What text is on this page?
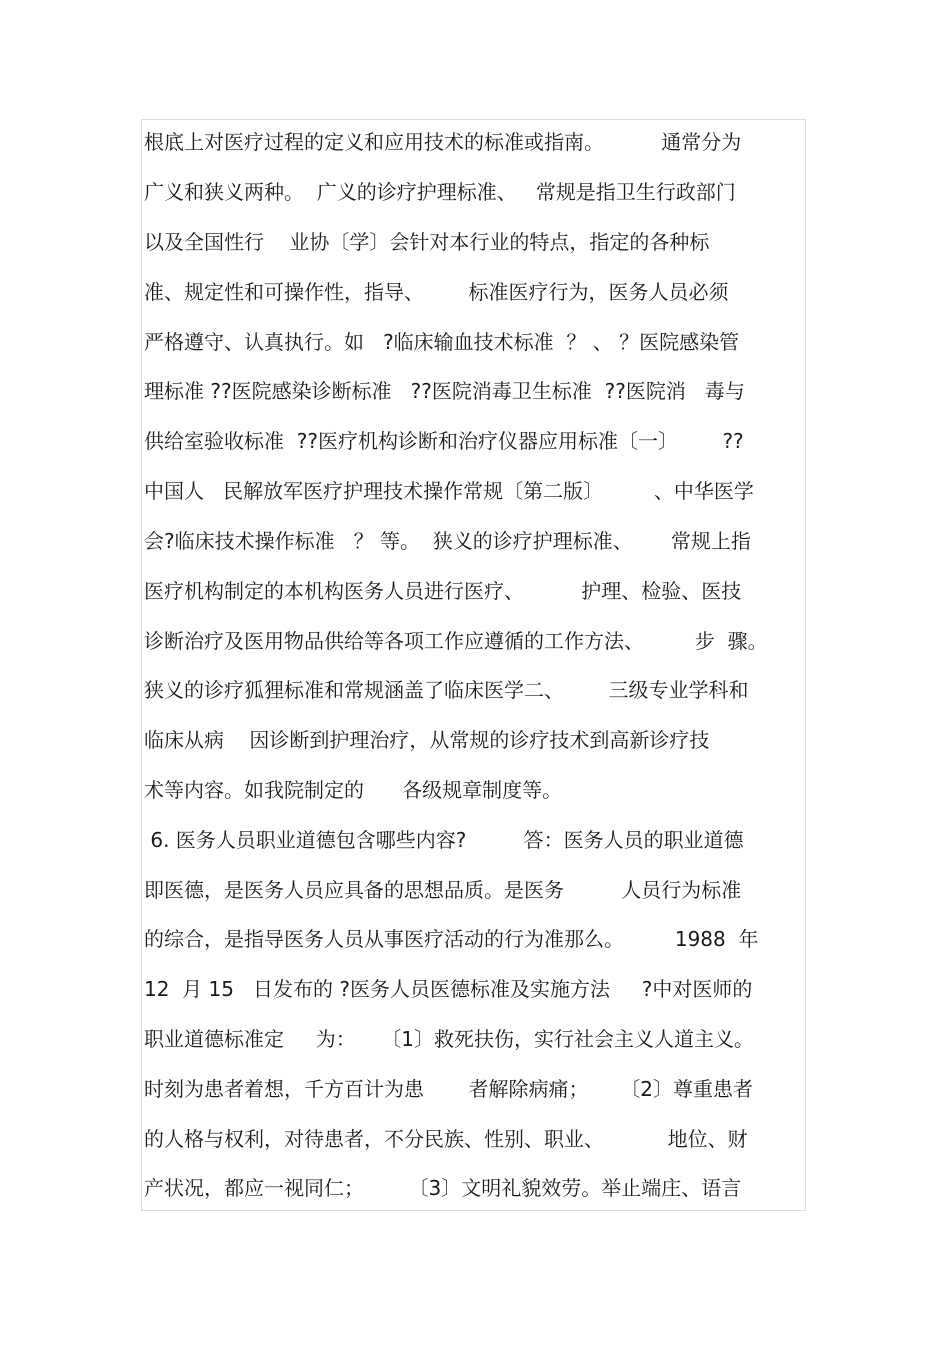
根底上对医疗过程的定义和应用技术的标准或指南。         通常分为
广义和狭义两种。  广义的诊疗护理标准、   常规是指卫生行政部门
以及全国性行    业协〔学〕会针对本行业的特点，指定的各种标
准、规定性和可操作性，指导、       标准医疗行为，医务人员必须
严格遵守、认真执行。如   ?临床输血技术标准  ？ 、 ？医院感染管
理标准 ??医院感染诊断标准   ??医院消毒卫生标准  ??医院消   毒与
供给室验收标准  ??医疗机构诊断和治疗仪器应用标准〔一〕       ??
中国人   民解放军医疗护理技术操作常规〔第二版〕        、中华医学
会?临床技术操作标准   ？ 等。  狭义的诊疗护理标准、      常规上指
医疗机构制定的本机构医务人员进行医疗、         护理、检验、医技
诊断治疗及医用物品供给等各项工作应遵循的工作方法、        步  骤。
狭义的诊疗狐狸标准和常规涵盖了临床医学二、       三级专业学科和
临床从病    因诊断到护理治疗，从常规的诊疗技术到高新诊疗技
术等内容。如我院制定的      各级规章制度等。
6. 医务人员职业道德包含哪些内容?         答：医务人员的职业道德
即医德，是医务人员应具备的思想品质。是医务         人员行为标准
的综合，是指导医务人员从事医疗活动的行为准那么。        1988  年
12  月 15   日发布的 ?医务人员医德标准及实施方法     ?中对医师的
职业道德标准定     为：    〔1〕救死扶伤，实行社会主义人道主义。
时刻为患者着想，千方百计为患       者解除病痛；     〔2〕尊重患者
的人格与权利，对待患者，不分民族、性别、职业、          地位、财
产状况，都应一视同仁；       〔3〕文明礼貌效劳。举止端庄、语言
